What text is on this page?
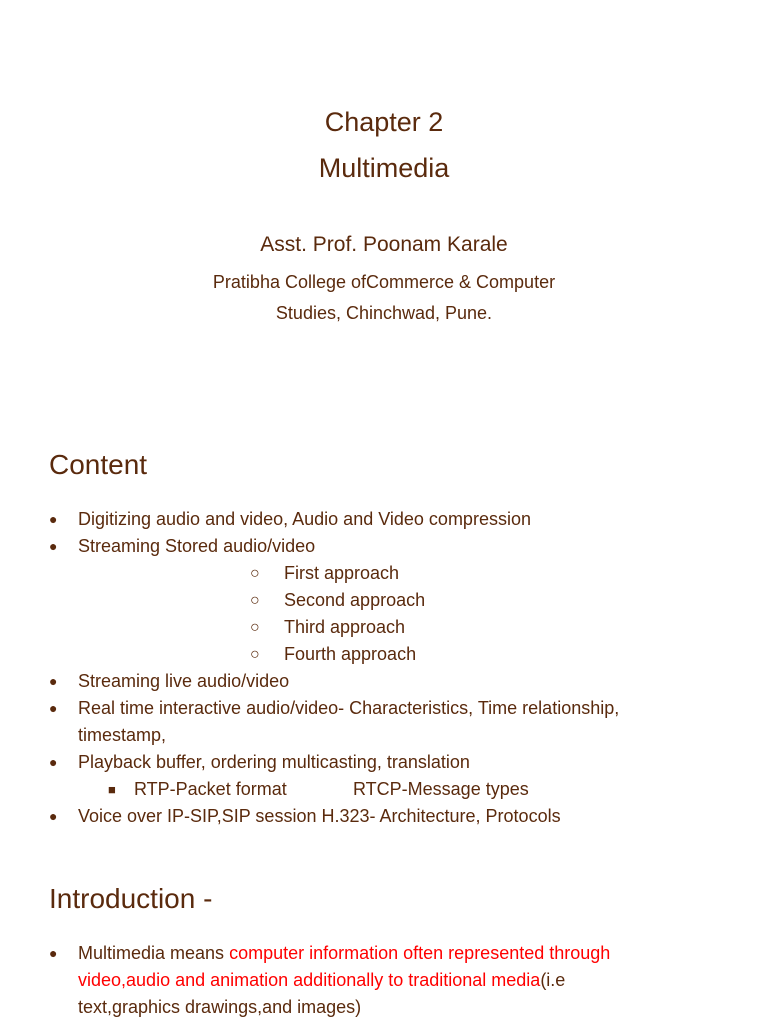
Chapter 2
Multimedia
Asst. Prof. Poonam Karale
Pratibha College ofCommerce & Computer
Studies, Chinchwad, Pune.
Content
● Digitizing audio and video, Audio and Video compression
● Streaming Stored audio/video
○ First approach
○ Second approach
○ Third approach
○ Fourth approach
● Streaming live audio/video
● Real time interactive audio/video- Characteristics, Time relationship,
timestamp,
● Playback buffer, ordering multicasting, translation
■ RTP-Packet format	RTCP-Message types
● Voice over IP-SIP,SIP session H.323- Architecture, Protocols
Introduction -
● Multimedia means computer information often represented through
video,audio and animation additionally to traditional media(i.e
text,graphics drawings,and images)
